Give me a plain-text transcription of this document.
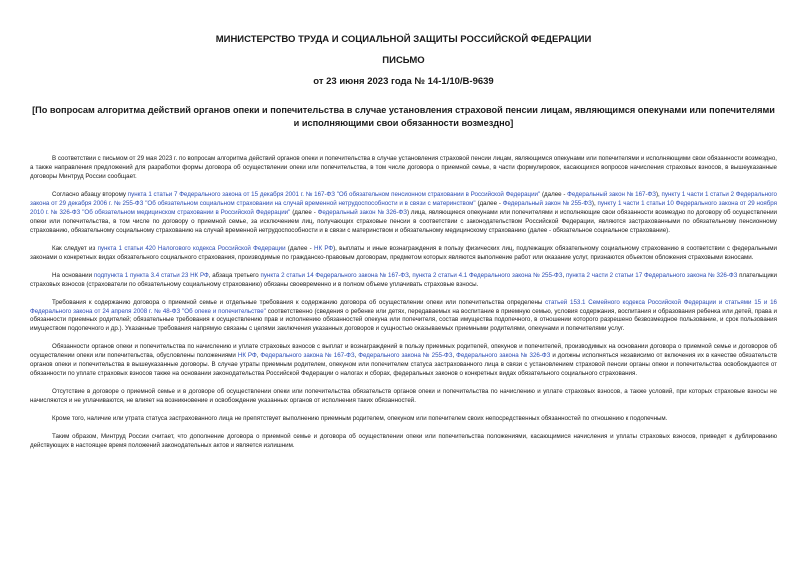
МИНИСТЕРСТВО ТРУДА И СОЦИАЛЬНОЙ ЗАЩИТЫ РОССИЙСКОЙ ФЕДЕРАЦИИ
ПИСЬМО
от 23 июня 2023 года № 14-1/10/В-9639
[По вопросам алгоритма действий органов опеки и попечительства в случае установления страховой пенсии лицам, являющимся опекунами или попечителями и исполняющими свои обязанности возмездно]

В соответствии с письмом от 29 мая 2023 г. по вопросам алгоритма действий органов опеки и попечительства в случае установления страховой пенсии лицам, являющимся опекунами или попечителями и исполняющими свои обязанности возмездно, а также направления предложений для разработки формы договора об осуществлении опеки или попечительства, в том числе договора о приемной семье, в части формулировок, касающихся вопросов начисления страховых взносов, в вышеуказанные договоры Минтруд России сообщает.

Согласно абзацу второму пункта 1 статьи 7 Федерального закона от 15 декабря 2001 г. № 167-ФЗ "Об обязательном пенсионном страховании в Российской Федерации" (далее - Федеральный закон № 167-ФЗ), пункту 1 части 1 статьи 2 Федерального закона от 29 декабря 2006 г. № 255-ФЗ "Об обязательном социальном страховании на случай временной нетрудоспособности и в связи с материнством" (далее - Федеральный закон № 255-ФЗ), пункту 1 части 1 статьи 10 Федерального закона от 29 ноября 2010 г. № 326-ФЗ "Об обязательном медицинском страховании в Российской Федерации" (далее - Федеральный закон № 326-ФЗ) лица, являющиеся опекунами или попечителями и исполняющие свои обязанности возмездно по договору об осуществлении опеки или попечительства, в том числе по договору о приемной семье, за исключением лиц, получающих страховые пенсии в соответствии с законодательством Российской Федерации, являются застрахованными по обязательному пенсионному страхованию, обязательному социальному страхованию на случай временной нетрудоспособности и в связи с материнством и обязательному медицинскому страхованию (далее - обязательное социальное страхование).

Как следует из пункта 1 статьи 420 Налогового кодекса Российской Федерации (далее - НК РФ), выплаты и иные вознаграждения в пользу физических лиц, подлежащих обязательному социальному страхованию в соответствии с федеральными законами о конкретных видах обязательного социального страхования, производимые по гражданско-правовым договорам, предметом которых являются выполнение работ или оказание услуг, признаются объектом обложения страховыми взносами.

На основании подпункта 1 пункта 3.4 статьи 23 НК РФ, абзаца третьего пункта 2 статьи 14 Федерального закона № 167-ФЗ, пункта 2 статьи 4.1 Федерального закона № 255-ФЗ, пункта 2 части 2 статьи 17 Федерального закона № 326-ФЗ плательщики страховых взносов (страхователи по обязательному социальному страхованию) обязаны своевременно и в полном объеме уплачивать страховые взносы.

Требования к содержанию договора о приемной семье и отдельные требования к содержанию договора об осуществлении опеки или попечительства определены статьей 153.1 Семейного кодекса Российской Федерации и статьями 15 и 16 Федерального закона от 24 апреля 2008 г. № 48-ФЗ "Об опеке и попечительстве" соответственно (сведения о ребенке или детях, передаваемых на воспитание в приемную семью, условия содержания, воспитания и образования ребенка или детей, права и обязанности приемных родителей; обязательные требования к осуществлению прав и исполнению обязанностей опекуна или попечителя, состав имущества подопечного, в отношении которого разрешено безвозмездное пользование, и срок пользования имуществом подопечного и др.). Указанные требования напрямую связаны с целями заключения указанных договоров и сущностью оказываемых приемными родителями, опекунами и попечителями услуг.

Обязанности органов опеки и попечительства по начислению и уплате страховых взносов с выплат и вознаграждений в пользу приемных родителей, опекунов и попечителей, производимых на основании договора о приемной семье и договоров об осуществлении опеки или попечительства, обусловлены положениями НК РФ, Федерального закона № 167-ФЗ, Федерального закона № 255-ФЗ, Федерального закона № 326-ФЗ и должны исполняться независимо от включения их в качестве обязательств органов опеки и попечительства в вышеуказанные договоры. В случае утраты приемным родителем, опекуном или попечителем статуса застрахованного лица в связи с установлением страховой пенсии органы опеки и попечительства освобождаются от обязанности по уплате страховых взносов также на основании законодательства Российской Федерации о налогах и сборах, федеральных законов о конкретных видах обязательного социального страхования.

Отсутствие в договоре о приемной семье и в договоре об осуществлении опеки или попечительства обязательств органов опеки и попечительства по начислению и уплате страховых взносов, а также условий, при которых страховые взносы не начисляются и не уплачиваются, не влияет на возникновение и освобождение указанных органов от исполнения таких обязанностей.

Кроме того, наличие или утрата статуса застрахованного лица не препятствует выполнению приемным родителем, опекуном или попечителем своих непосредственных обязанностей по отношению к подопечным.

Таким образом, Минтруд России считает, что дополнение договора о приемной семье и договора об осуществлении опеки или попечительства положениями, касающимися начисления и уплаты страховых взносов, приведет к дублированию действующих в настоящее время положений законодательных актов и является излишним.
